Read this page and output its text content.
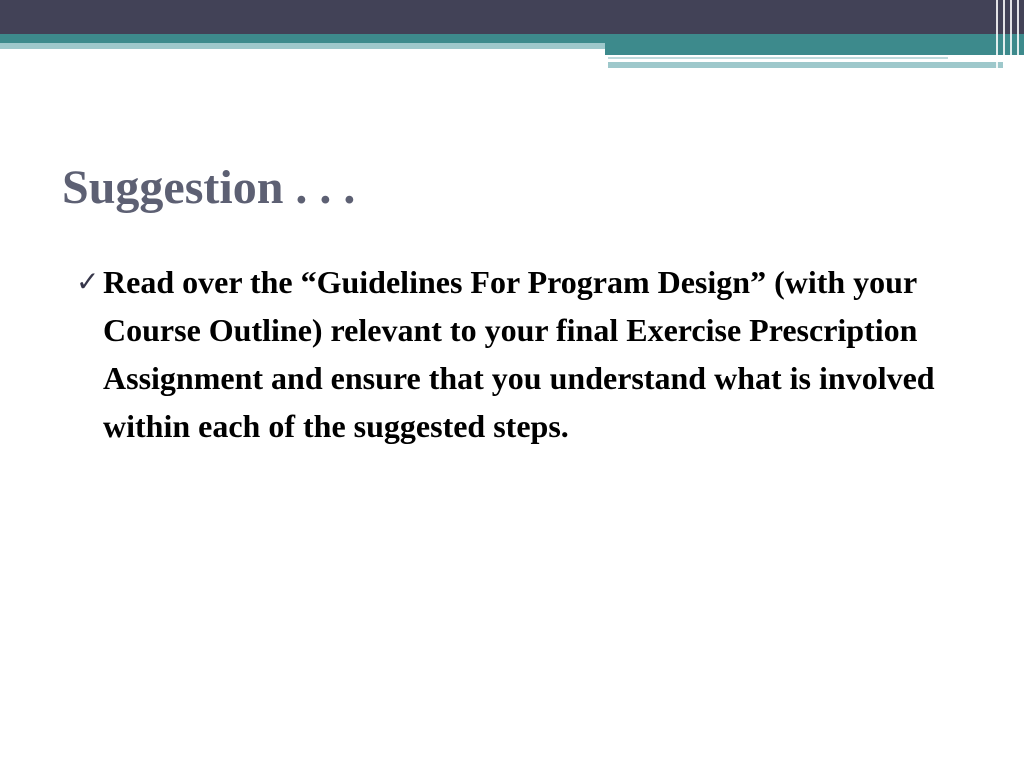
Suggestion . . .
✓ Read over the “Guidelines For Program Design” (with your Course Outline) relevant to your final Exercise Prescription Assignment and ensure that you understand what is involved within each of the suggested steps.
